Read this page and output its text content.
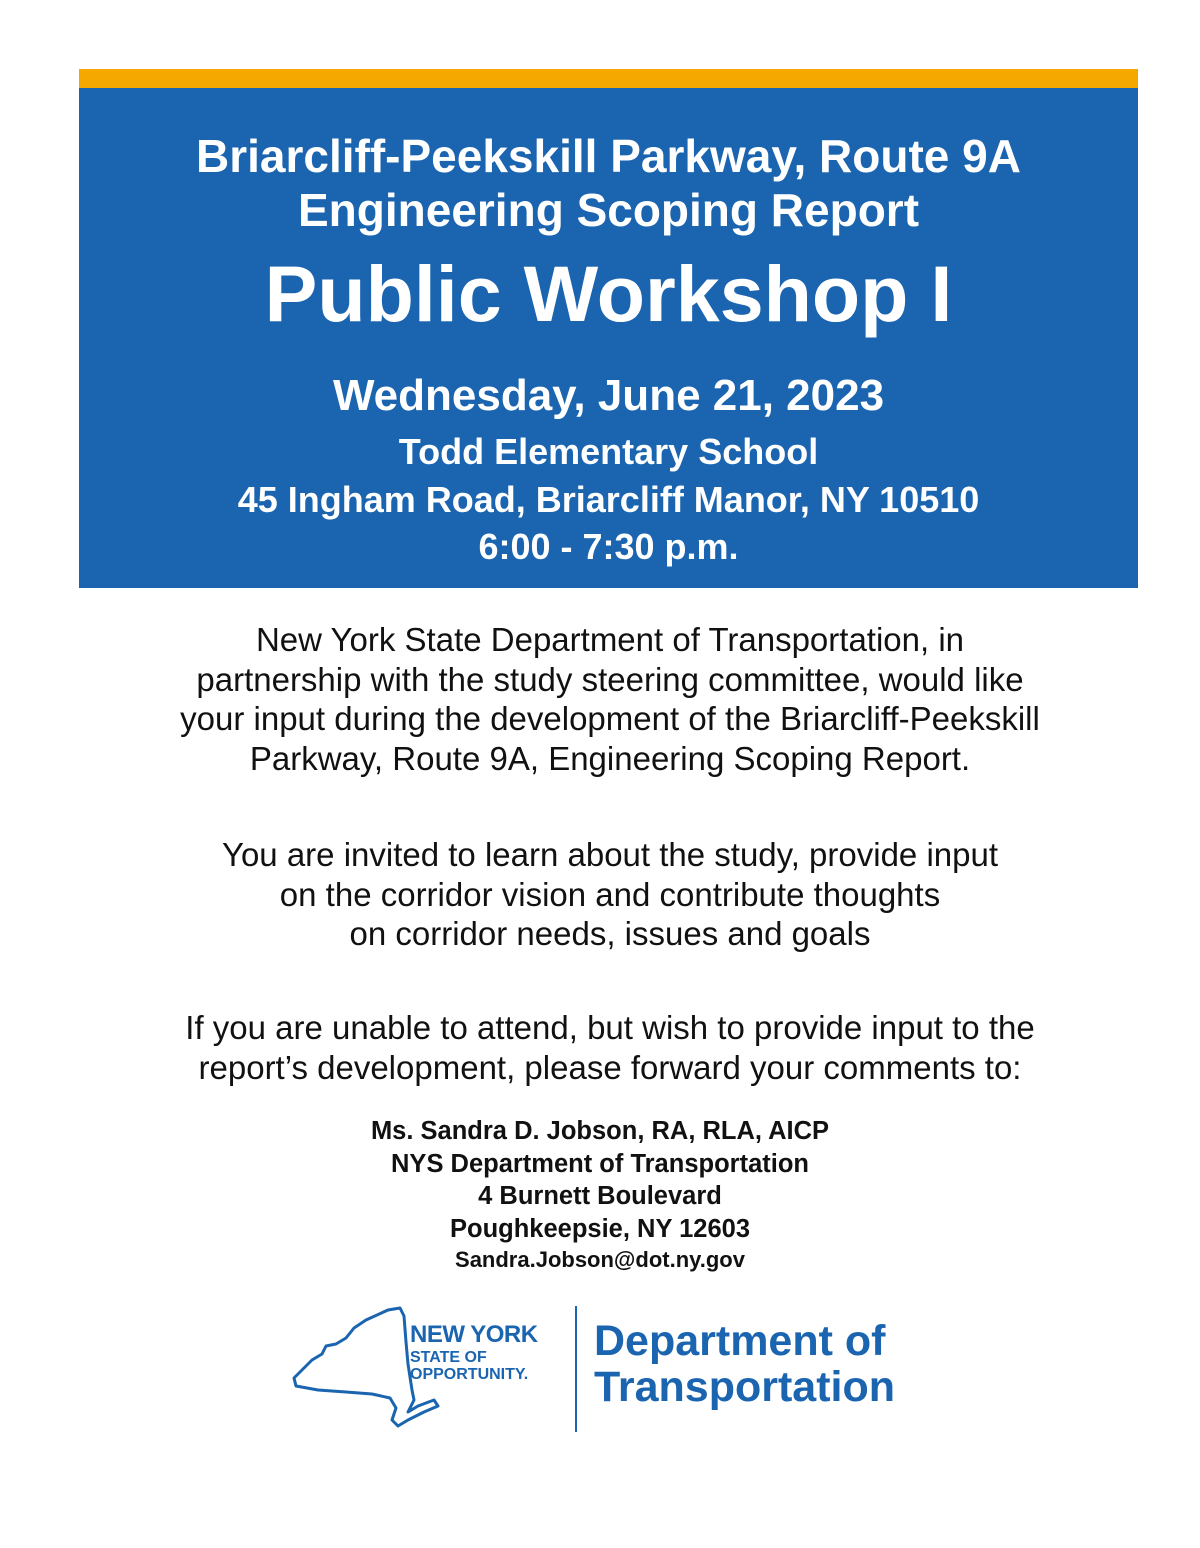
Briarcliff-Peekskill Parkway, Route 9A
Engineering Scoping Report
Public Workshop I
Wednesday, June 21, 2023
Todd Elementary School
45 Ingham Road, Briarcliff Manor, NY 10510
6:00 - 7:30 p.m.
New York State Department of Transportation, in
partnership with the study steering committee, would like
your input during the development of the Briarcliff-Peekskill
Parkway, Route 9A, Engineering Scoping Report.
You are invited to learn about the study, provide input
on the corridor vision and contribute thoughts
on corridor needs, issues and goals
If you are unable to attend, but wish to provide input to the
report’s development, please forward your comments to:
Ms. Sandra D. Jobson, RA, RLA, AICP
NYS Department of Transportation
4 Burnett Boulevard
Poughkeepsie, NY 12603
Sandra.Jobson@dot.ny.gov
NEW YORK
STATE OF
OPPORTUNITY.
Department of
Transportation
